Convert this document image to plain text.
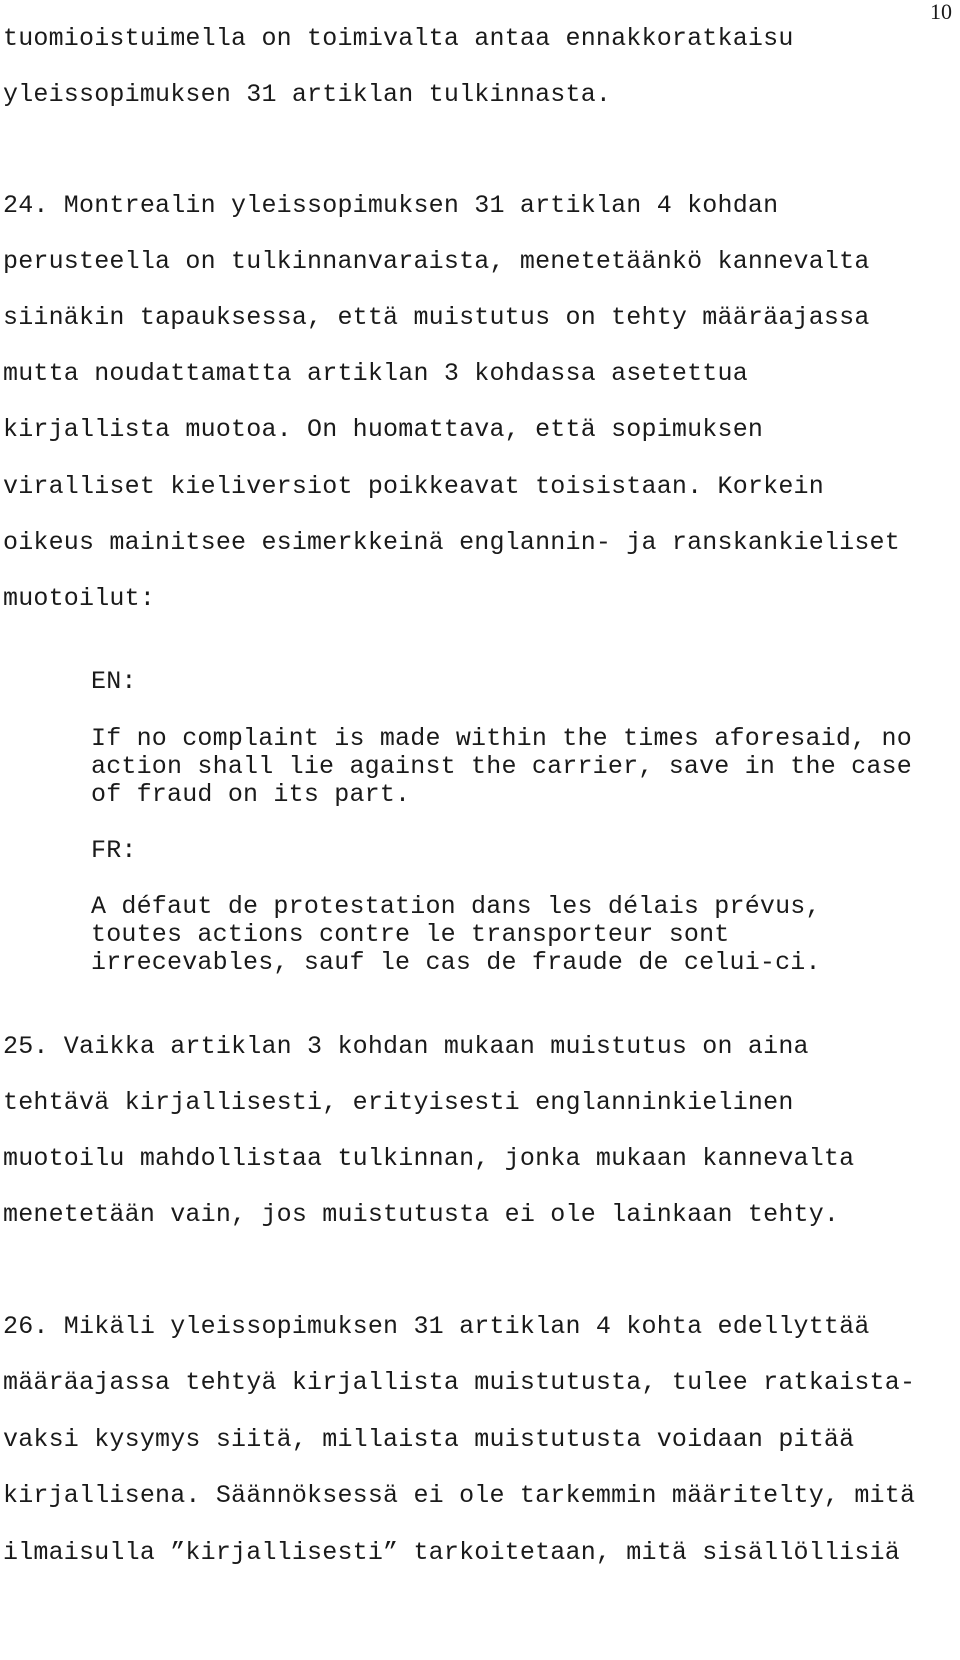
10
tuomioistuimella on toimivalta antaa ennakkoratkaisu
yleissopimuksen 31 artiklan tulkinnasta.
24. Montrealin yleissopimuksen 31 artiklan 4 kohdan
perusteella on tulkinnanvaraista, menetetäänkö kannevalta
siinäkin tapauksessa, että muistutus on tehty määräajassa
mutta noudattamatta artiklan 3 kohdassa asetettua
kirjallista muotoa. On huomattava, että sopimuksen
viralliset kieliversiot poikkeavat toisistaan. Korkein
oikeus mainitsee esimerkkeinä englannin- ja ranskankieliset
muotoilut:
EN:
If no complaint is made within the times aforesaid, no
action shall lie against the carrier, save in the case
of fraud on its part.
FR:
A défaut de protestation dans les délais prévus,
toutes actions contre le transporteur sont
irrecevables, sauf le cas de fraude de celui-ci.
25. Vaikka artiklan 3 kohdan mukaan muistutus on aina
tehtävä kirjallisesti, erityisesti englanninkielinen
muotoilu mahdollistaa tulkinnan, jonka mukaan kannevalta
menetetään vain, jos muistutusta ei ole lainkaan tehty.
26. Mikäli yleissopimuksen 31 artiklan 4 kohta edellyttää
määräajassa tehtyä kirjallista muistutusta, tulee ratkaista-
vaksi kysymys siitä, millaista muistutusta voidaan pitää
kirjallisena. Säännöksessä ei ole tarkemmin määritelty, mitä
ilmaisulla ”kirjallisesti” tarkoitetaan, mitä sisällöllisiä
